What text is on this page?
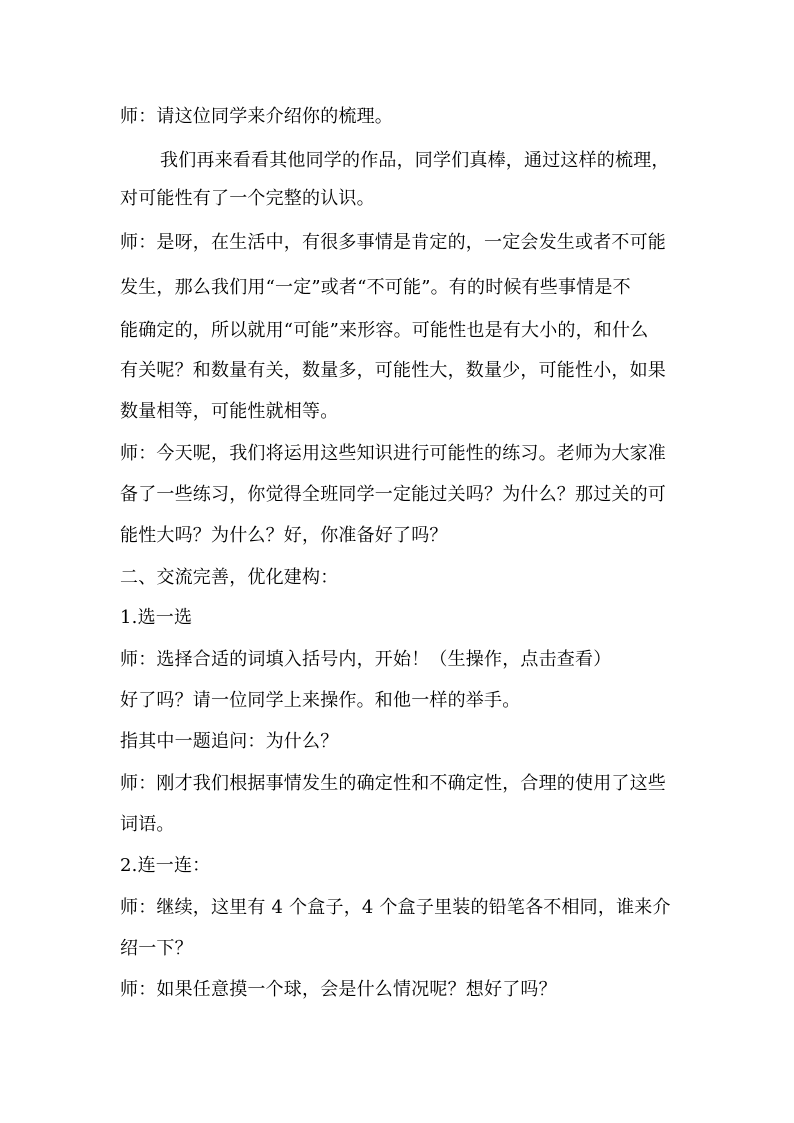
师：请这位同学来介绍你的梳理。
我们再来看看其他同学的作品，同学们真棒，通过这样的梳理，
对可能性有了一个完整的认识。
师：是呀，在生活中，有很多事情是肯定的，一定会发生或者不可能
发生，那么我们用“一定”或者“不可能”。有的时候有些事情是不
能确定的，所以就用“可能”来形容。可能性也是有大小的，和什么
有关呢？和数量有关，数量多，可能性大，数量少，可能性小，如果
数量相等，可能性就相等。
师：今天呢，我们将运用这些知识进行可能性的练习。老师为大家准
备了一些练习，你觉得全班同学一定能过关吗？为什么？那过关的可
能性大吗？为什么？好，你准备好了吗？
二、交流完善，优化建构：
1.选一选
师：选择合适的词填入括号内，开始！（生操作，点击查看）
好了吗？请一位同学上来操作。和他一样的举手。
指其中一题追问：为什么？
师：刚才我们根据事情发生的确定性和不确定性，合理的使用了这些
词语。
2.连一连：
师：继续，这里有 4 个盒子，4 个盒子里装的铅笔各不相同，谁来介
绍一下？
师：如果任意摸一个球，会是什么情况呢？想好了吗？
